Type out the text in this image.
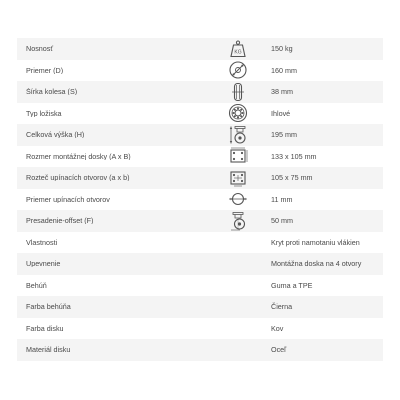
Nosnosť	KG	150 kg
Priemer (D)	160 mm
Šírka kolesa (S)	38 mm
Typ ložiska	Ihlové
Celková výška (H)	195 mm
Rozmer montážnej dosky (A x B)	133 x 105 mm
Rozteč upínacích otvorov (a x b)	105 x 75 mm
Priemer upínacích otvorov	11 mm
Presadenie-offset (F)	50 mm
Vlastnosti	Kryt proti namotaniu vlákien
Upevnenie	Montážna doska na 4 otvory
Behúň	Guma a TPE
Farba behúňa	Čierna
Farba disku	Kov
Materiál disku	Oceľ
